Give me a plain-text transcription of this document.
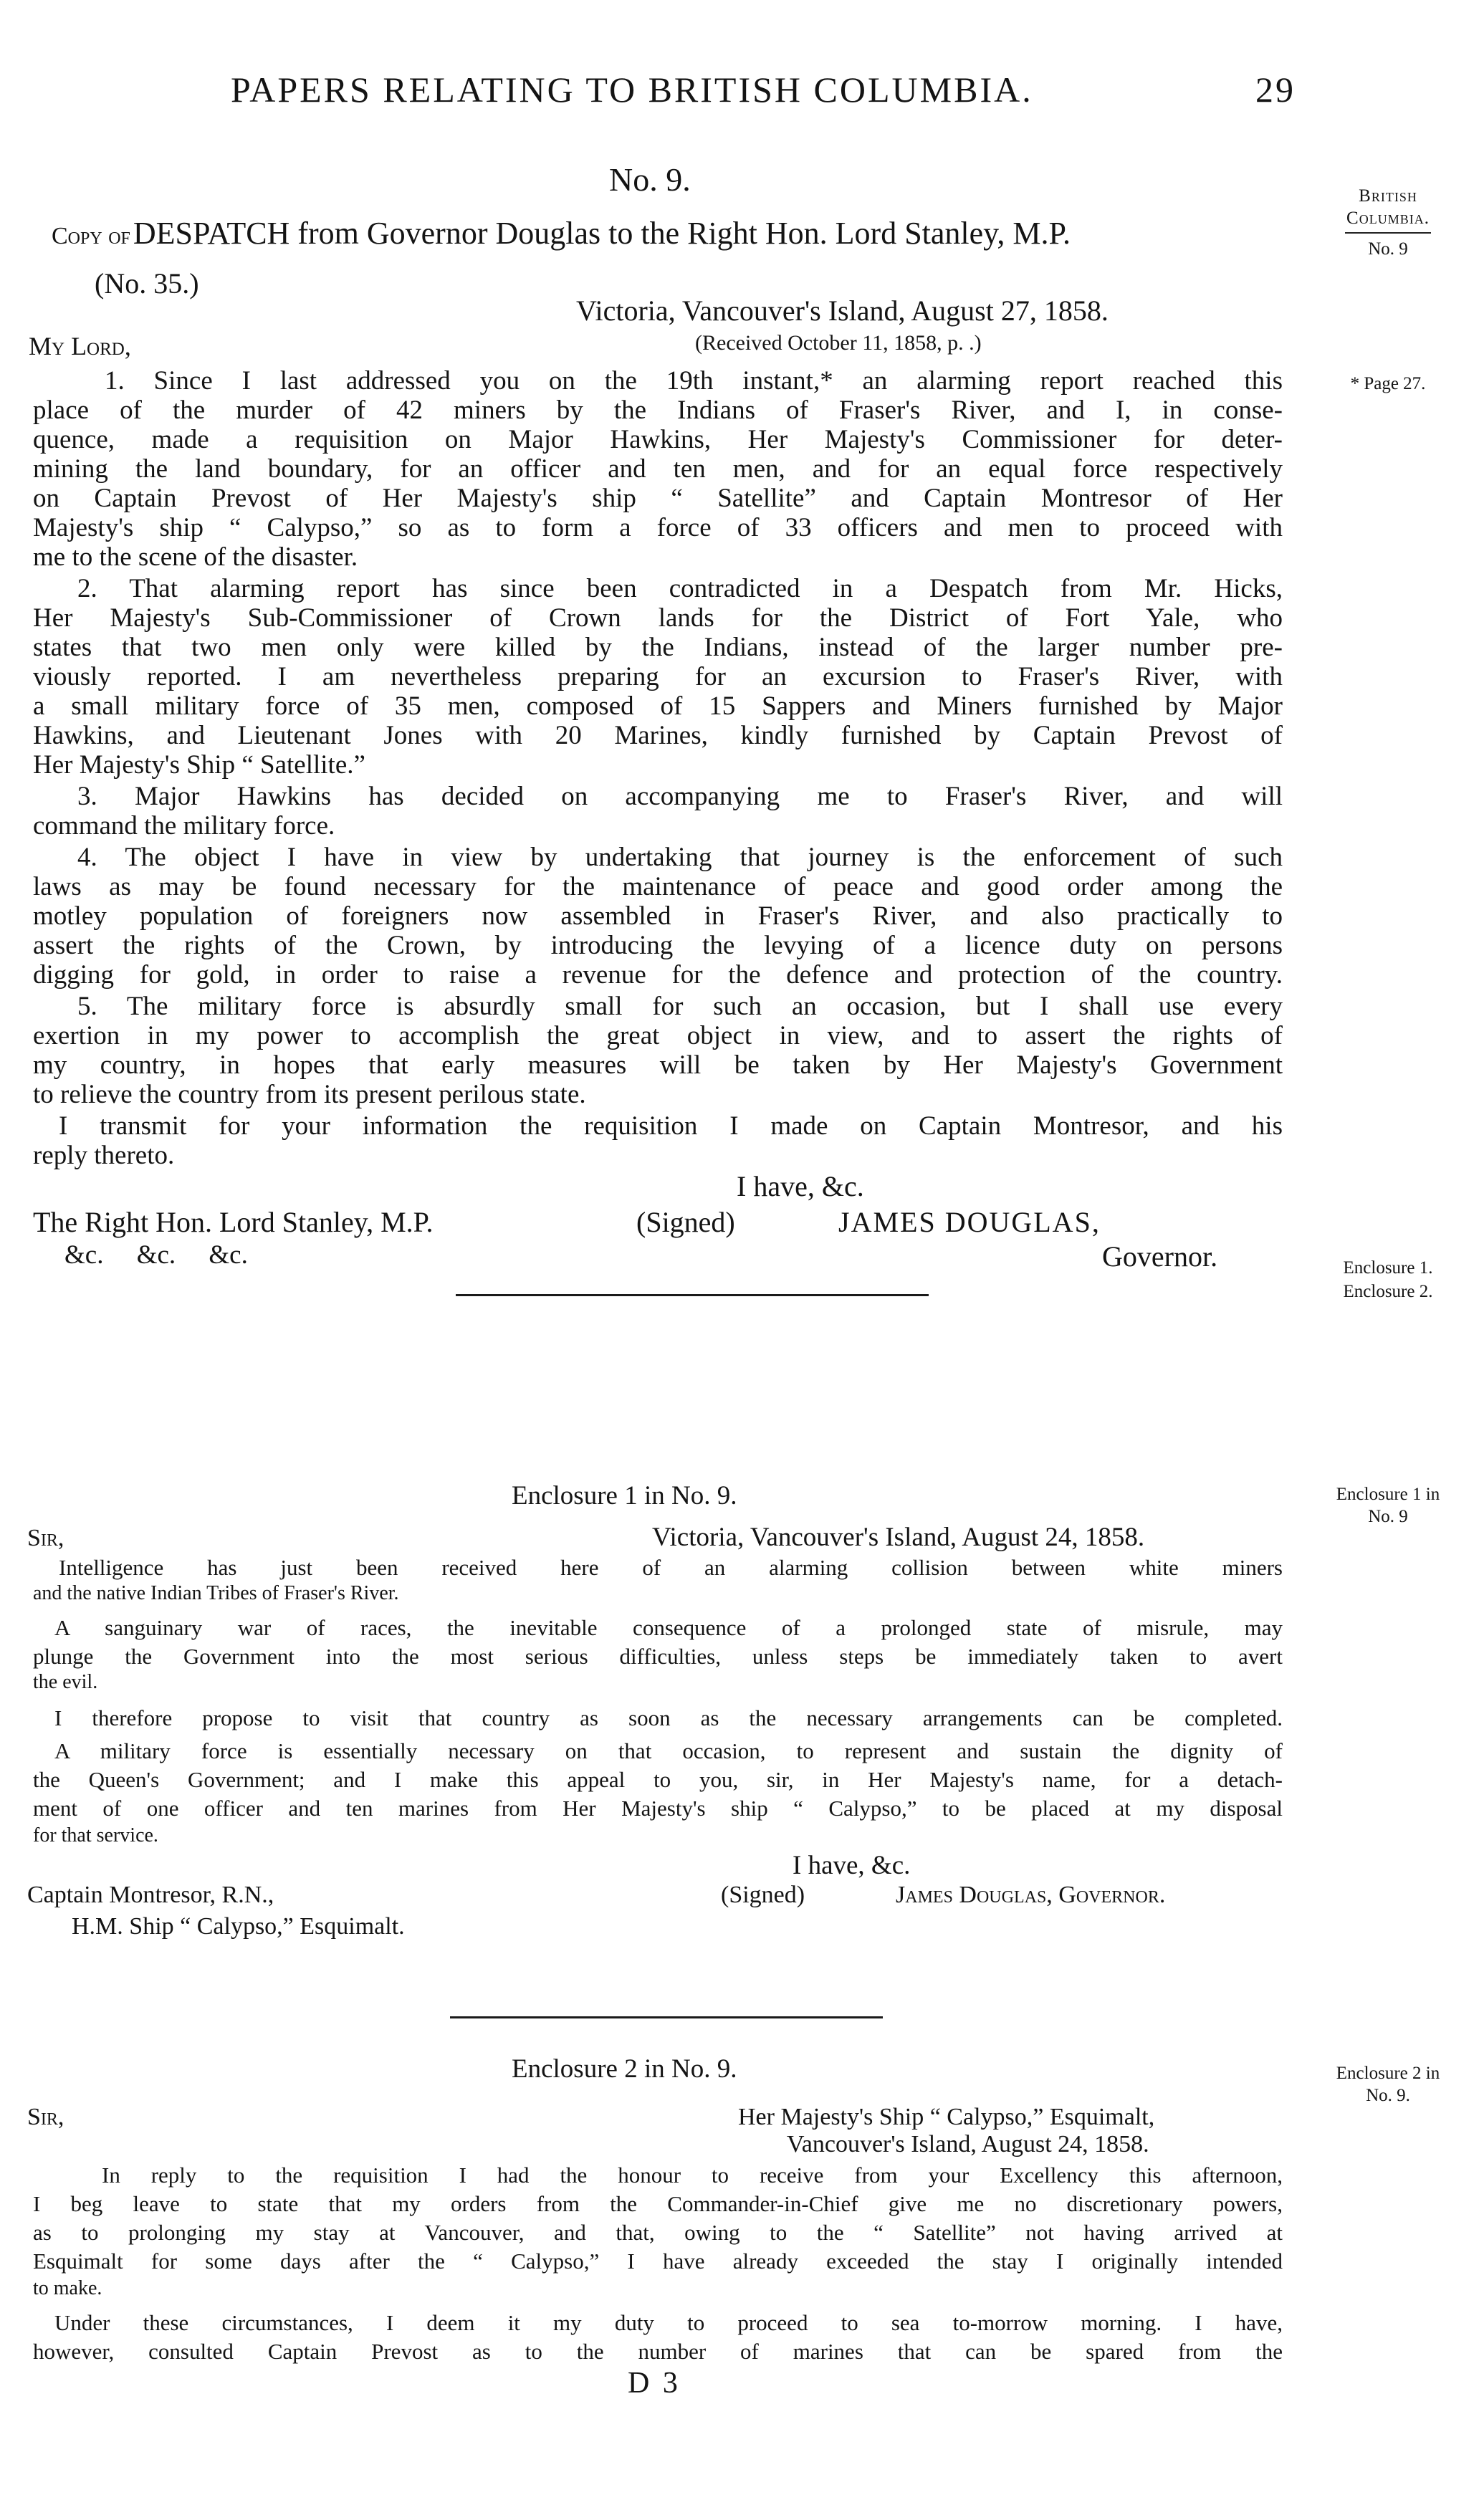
PAPERS RELATING TO BRITISH COLUMBIA.	29
British
Columbia.
No. 9
* Page 27.
Enclosure 1.
Enclosure 2.
Enclosure 1 in
No. 9
Enclosure 2 in
No. 9.
No. 9.
Copy of DESPATCH from Governor Douglas to the Right Hon. Lord Stanley, M.P.
(No. 35.)
Victoria, Vancouver's Island, August 27, 1858.
My Lord,	(Received October 11, 1858, p. .)
1. Since I last addressed you on the 19th instant,* an alarming report reached this
place of the murder of 42 miners by the Indians of Fraser's River, and I, in conse-
quence, made a requisition on Major Hawkins, Her Majesty's Commissioner for deter-
mining the land boundary, for an officer and ten men, and for an equal force respectively
on Captain Prevost of Her Majesty's ship “ Satellite” and Captain Montresor of Her
Majesty's ship “ Calypso,” so as to form a force of 33 officers and men to proceed with
me to the scene of the disaster.
2. That alarming report has since been contradicted in a Despatch from Mr. Hicks,
Her Majesty's Sub-Commissioner of Crown lands for the District of Fort Yale, who
states that two men only were killed by the Indians, instead of the larger number pre-
viously reported. I am nevertheless preparing for an excursion to Fraser's River, with
a small military force of 35 men, composed of 15 Sappers and Miners furnished by Major
Hawkins, and Lieutenant Jones with 20 Marines, kindly furnished by Captain Prevost of
Her Majesty's Ship “ Satellite.”
3. Major Hawkins has decided on accompanying me to Fraser's River, and will
command the military force.
4. The object I have in view by undertaking that journey is the enforcement of such
laws as may be found necessary for the maintenance of peace and good order among the
motley population of foreigners now assembled in Fraser's River, and also practically to
assert the rights of the Crown, by introducing the levying of a licence duty on persons
digging for gold, in order to raise a revenue for the defence and protection of the country.
5. The military force is absurdly small for such an occasion, but I shall use every
exertion in my power to accomplish the great object in view, and to assert the rights of
my country, in hopes that early measures will be taken by Her Majesty's Government
to relieve the country from its present perilous state.
I transmit for your information the requisition I made on Captain Montresor, and his
reply thereto.
I have, &c.
The Right Hon. Lord Stanley, M.P.	(Signed)	JAMES DOUGLAS,
&c.     &c.     &c.	Governor.
Enclosure 1 in No. 9.
Sir,	Victoria, Vancouver's Island, August 24, 1858.
Intelligence has just been received here of an alarming collision between white miners
and the native Indian Tribes of Fraser's River.
A sanguinary war of races, the inevitable consequence of a prolonged state of misrule, may
plunge the Government into the most serious difficulties, unless steps be immediately taken to avert
the evil.
I therefore propose to visit that country as soon as the necessary arrangements can be completed.
A military force is essentially necessary on that occasion, to represent and sustain the dignity of
the Queen's Government; and I make this appeal to you, sir, in Her Majesty's name, for a detach-
ment of one officer and ten marines from Her Majesty's ship “ Calypso,” to be placed at my disposal
for that service.
I have, &c.
Captain Montresor, R.N.,	(Signed)	James Douglas, Governor.
H.M. Ship “ Calypso,” Esquimalt.
Enclosure 2 in No. 9.
Sir,	Her Majesty's Ship “ Calypso,” Esquimalt,
Vancouver's Island, August 24, 1858.
In reply to the requisition I had the honour to receive from your Excellency this afternoon,
I beg leave to state that my orders from the Commander-in-Chief give me no discretionary powers,
as to prolonging my stay at Vancouver, and that, owing to the “ Satellite” not having arrived at
Esquimalt for some days after the “ Calypso,” I have already exceeded the stay I originally intended
to make.
Under these circumstances, I deem it my duty to proceed to sea to-morrow morning. I have,
however, consulted Captain Prevost as to the number of marines that can be spared from the
D 3
